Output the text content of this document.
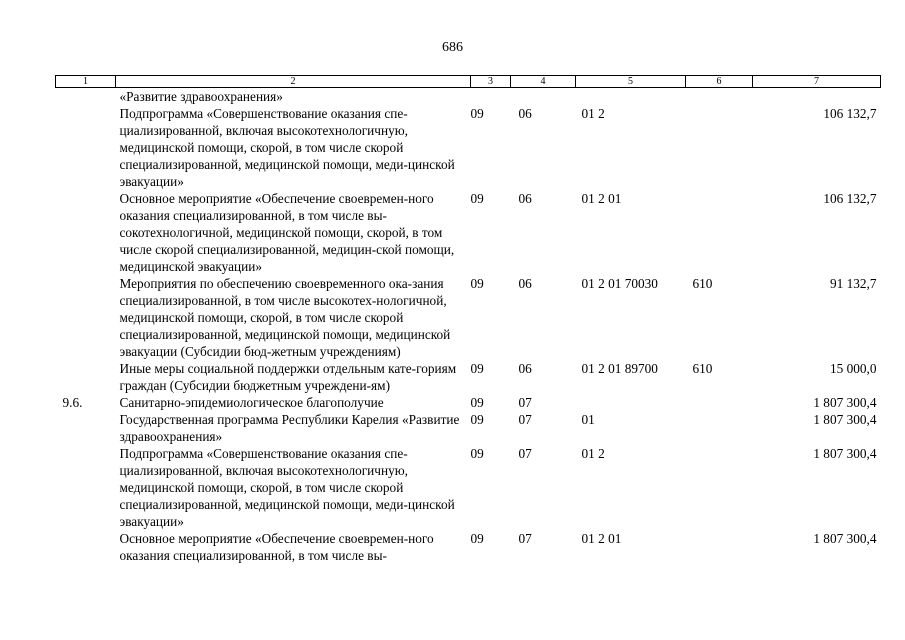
686
1	2	3	4	5	6	7
	«Развитие здравоохранения»					
	Подпрограмма «Совершенствование оказания спе-циализированной, включая высокотехнологичную, медицинской помощи, скорой, в том числе скорой специализированной, медицинской помощи, меди-цинской эвакуации»	09	06	01 2		106 132,7
	Основное мероприятие «Обеспечение своевремен-ного оказания специализированной, в том числе вы-сокотехнологичной, медицинской помощи, скорой, в том числе скорой специализированной, медицин-ской помощи, медицинской эвакуации»	09	06	01 2 01		106 132,7
	Мероприятия по обеспечению своевременного ока-зания специализированной, в том числе высокотех-нологичной, медицинской помощи, скорой, в том числе скорой специализированной, медицинской помощи, медицинской эвакуации (Субсидии бюд-жетным учреждениям)	09	06	01 2 01 70030	610	91 132,7
	Иные меры социальной поддержки отдельным кате-гориям граждан (Субсидии бюджетным учреждени-ям)	09	06	01 2 01 89700	610	15 000,0
9.6.	Санитарно-эпидемиологическое благополучие	09	07			1 807 300,4
	Государственная программа Республики Карелия «Развитие здравоохранения»	09	07	01		1 807 300,4
	Подпрограмма «Совершенствование оказания спе-циализированной, включая высокотехнологичную, медицинской помощи, скорой, в том числе скорой специализированной, медицинской помощи, меди-цинской эвакуации»	09	07	01 2		1 807 300,4
	Основное мероприятие «Обеспечение своевремен-ного оказания специализированной, в том числе вы-	09	07	01 2 01		1 807 300,4
